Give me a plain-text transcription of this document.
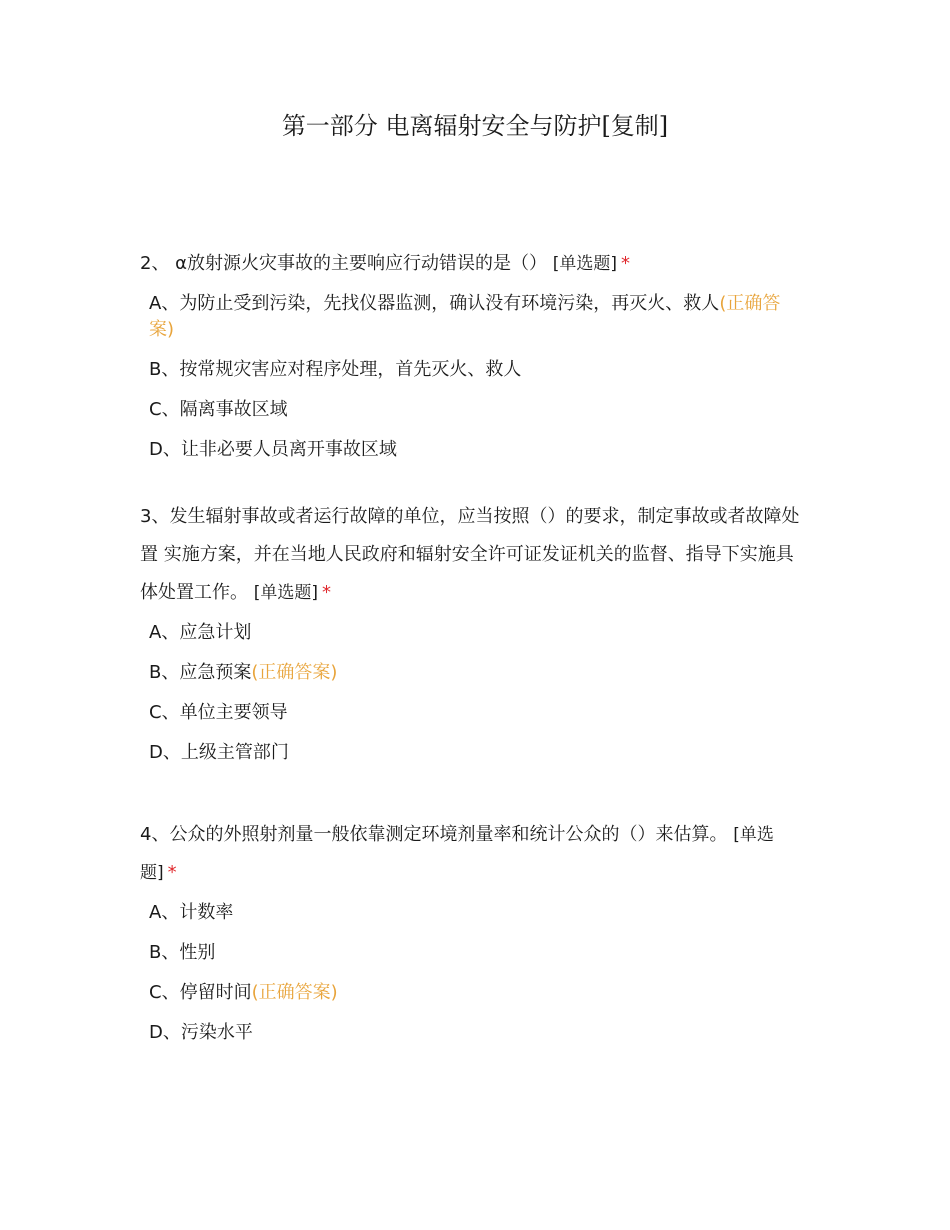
第一部分 电离辐射安全与防护[复制]

2、 α放射源火灾事故的主要响应行动错误的是（） [单选题] *

A、为防止受到污染，先找仪器监测，确认没有环境污染，再灭火、救人(正确答案)
B、按常规灾害应对程序处理，首先灭火、救人
C、隔离事故区域
D、让非必要人员离开事故区域

3、发生辐射事故或者运行故障的单位，应当按照（）的要求，制定事故或者故障处置 实施方案，并在当地人民政府和辐射安全许可证发证机关的监督、指导下实施具体处置工作。 [单选题] *

A、应急计划
B、应急预案(正确答案)
C、单位主要领导
D、上级主管部门

4、公众的外照射剂量一般依靠测定环境剂量率和统计公众的（）来估算。 [单选题] *

A、计数率
B、性别
C、停留时间(正确答案)
D、污染水平
